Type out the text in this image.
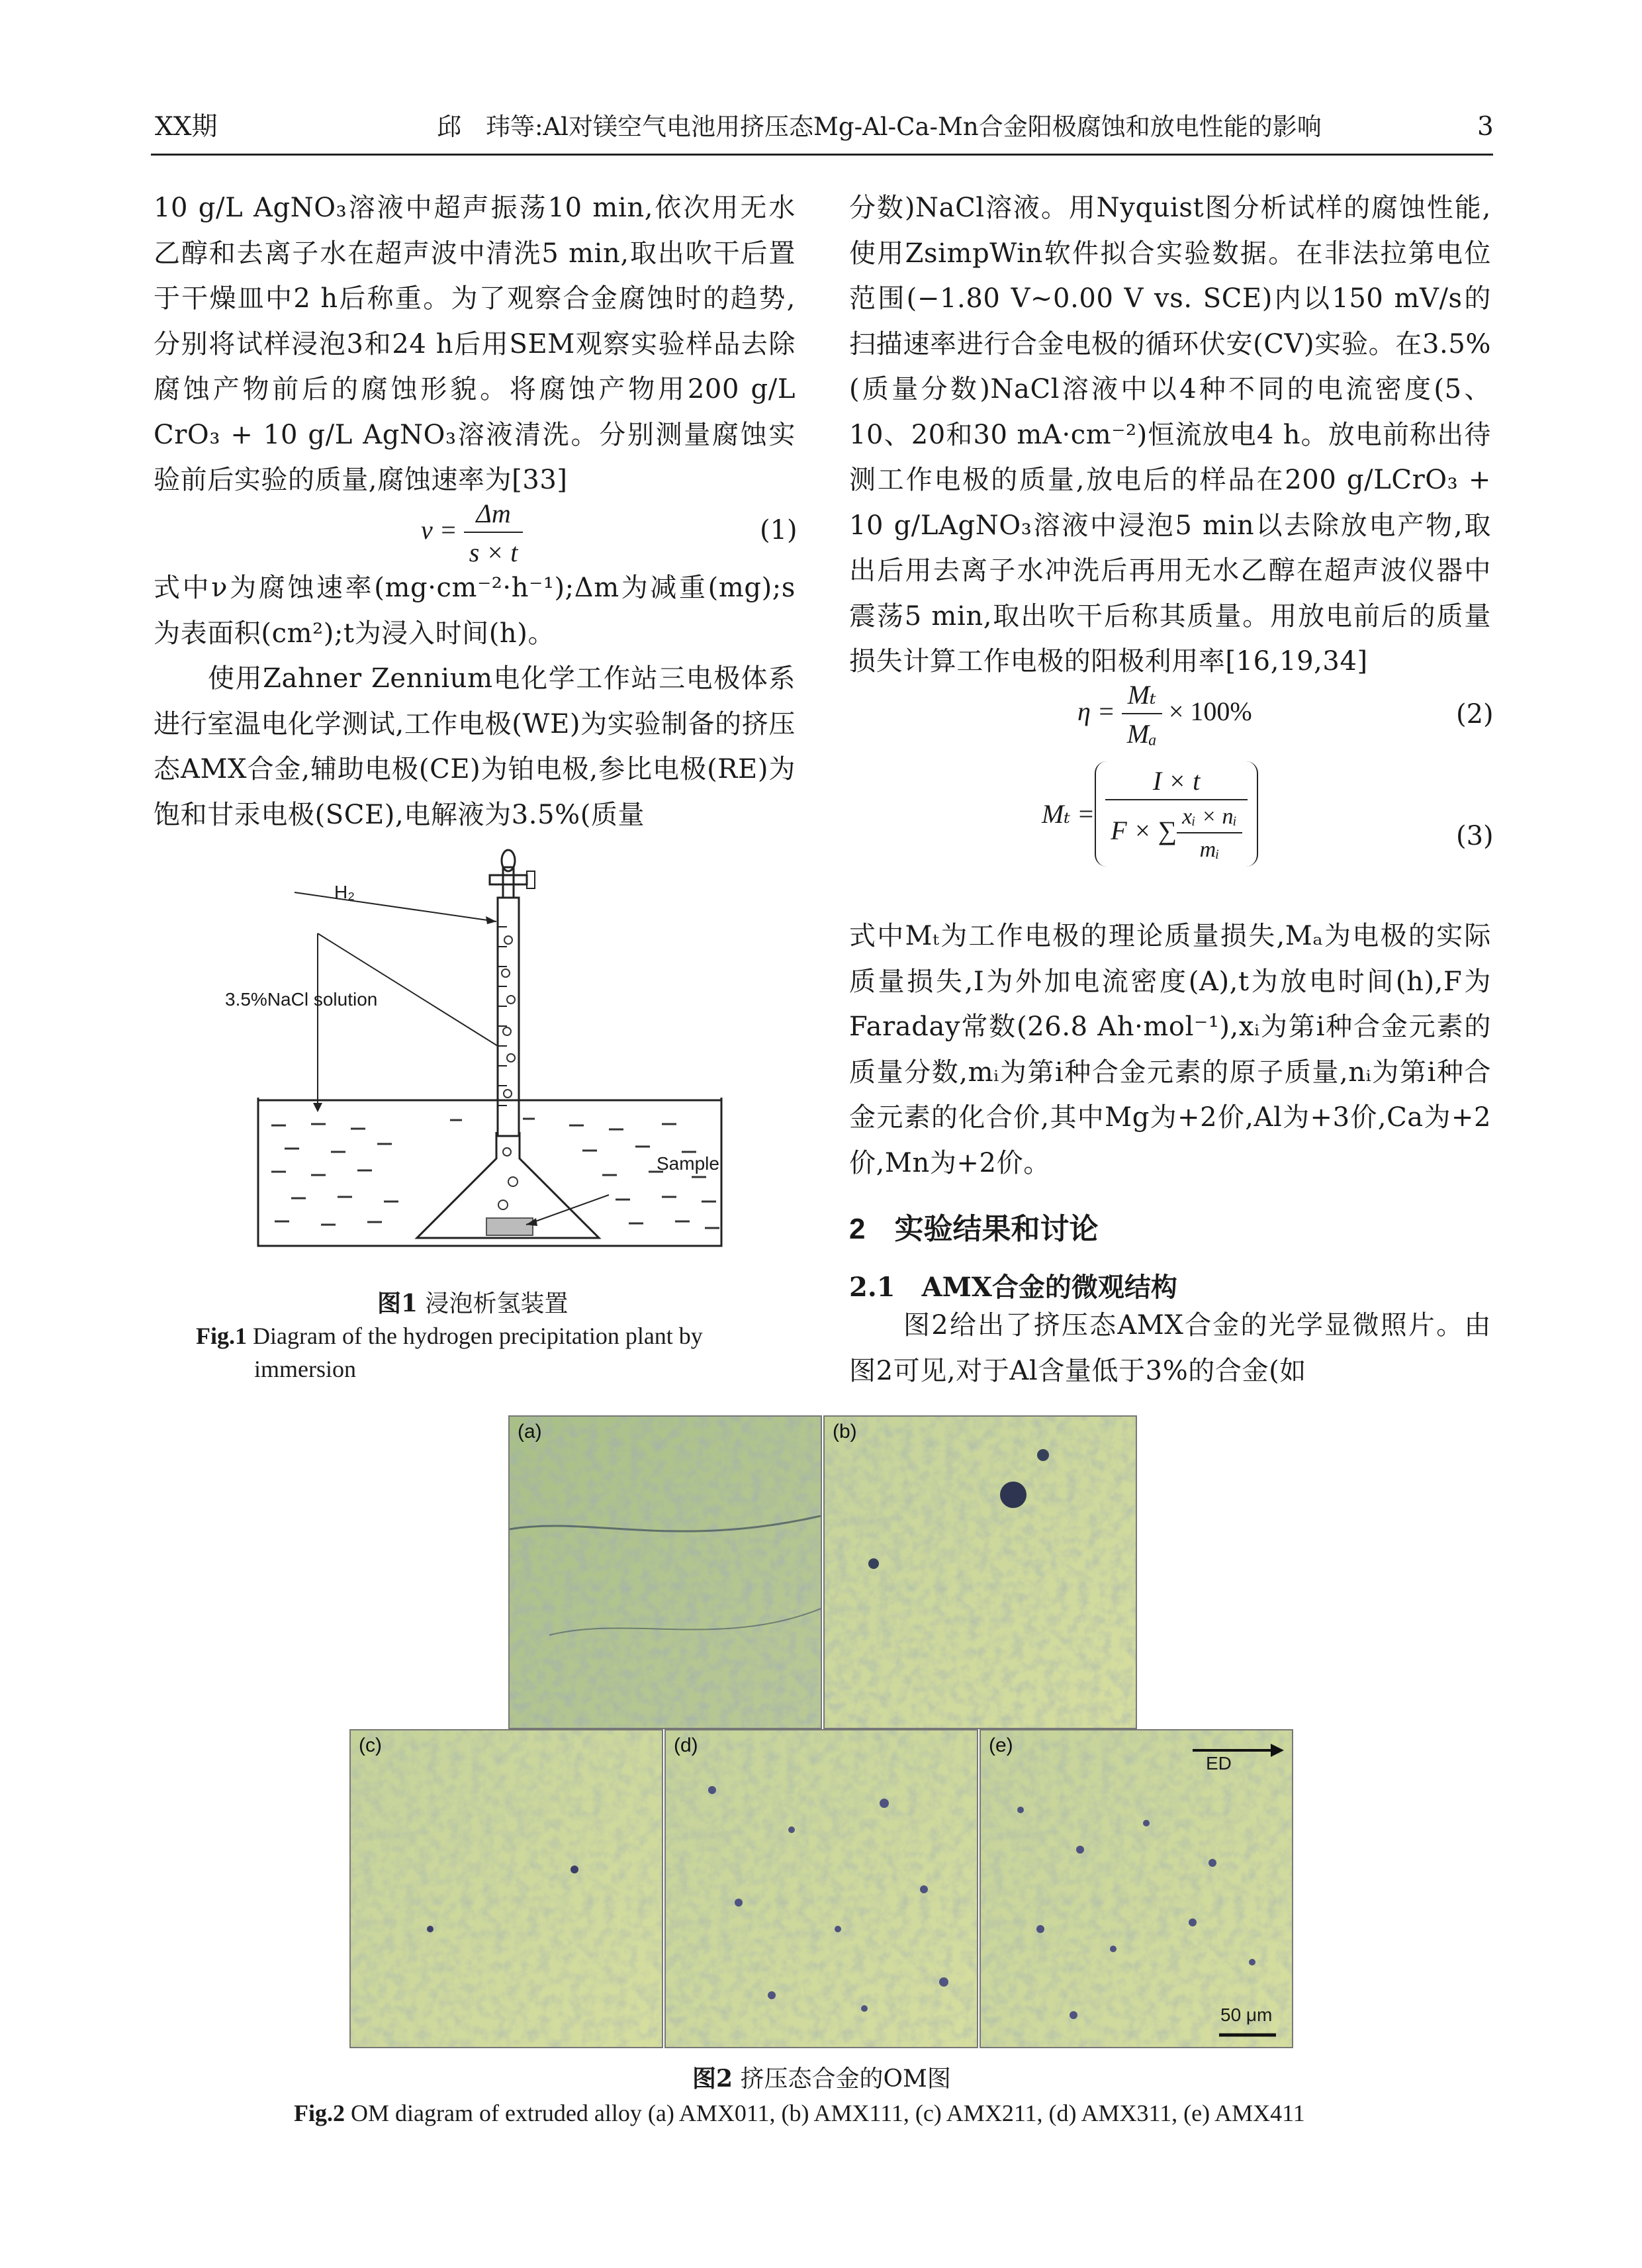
XX期	邱　玮等:Al对镁空气电池用挤压态Mg-Al-Ca-Mn合金阳极腐蚀和放电性能的影响	3

10 g/L AgNO₃溶液中超声振荡10 min,依次用无水乙醇和去离子水在超声波中清洗5 min,取出吹干后置于干燥皿中2 h后称重。为了观察合金腐蚀时的趋势,分别将试样浸泡3和24 h后用SEM观察实验样品去除腐蚀产物前后的腐蚀形貌。将腐蚀产物用200 g/L CrO₃ + 10 g/L AgNO₃溶液清洗。分别测量腐蚀实验前后实验的质量,腐蚀速率为[33]

$\nu = \frac{\Delta m}{s \times t}$	(1)

式中ν为腐蚀速率(mg·cm⁻²·h⁻¹);Δm为减重(mg);s为表面积(cm²);t为浸入时间(h)。

使用Zahner Zennium电化学工作站三电极体系进行室温电化学测试,工作电极(WE)为实验制备的挤压态AMX合金,辅助电极(CE)为铂电极,参比电极(RE)为饱和甘汞电极(SCE),电解液为3.5%(质量

H₂
3.5%NaCl solution
Sample
图1 浸泡析氢装置
Fig.1 Diagram of the hydrogen precipitation plant by
immersion

分数)NaCl溶液。用Nyquist图分析试样的腐蚀性能,使用ZsimpWin软件拟合实验数据。在非法拉第电位范围(−1.80 V~0.00 V vs. SCE)内以150 mV/s的扫描速率进行合金电极的循环伏安(CV)实验。在3.5%(质量分数)NaCl溶液中以4种不同的电流密度(5、10、20和30 mA·cm⁻²)恒流放电4 h。放电前称出待测工作电极的质量,放电后的样品在200 g/LCrO₃ + 10 g/LAgNO₃溶液中浸泡5 min以去除放电产物,取出后用去离子水冲洗后再用无水乙醇在超声波仪器中震荡5 min,取出吹干后称其质量。用放电前后的质量损失计算工作电极的阳极利用率[16,19,34]

$\eta = \frac{\text{Mₜ}}{\text{Mₐ}} \times 100\%$	(2)
$M_t = \frac{I \times t}{F \times \sum \frac{\text{xᵢ × nᵢ}}{\text{mᵢ}}}$	(3)

式中Mₜ为工作电极的理论质量损失,Mₐ为电极的实际质量损失,I为外加电流密度(A),t为放电时间(h),F为Faraday常数(26.8 Ah·mol⁻¹),xᵢ为第i种合金元素的质量分数,mᵢ为第i种合金元素的原子质量,nᵢ为第i种合金元素的化合价,其中Mg为+2价,Al为+3价,Ca为+2价,Mn为+2价。

2　实验结果和讨论
2.1　AMX合金的微观结构

图2给出了挤压态AMX合金的光学显微照片。由图2可见,对于Al含量低于3%的合金(如

(a)	(b)
(c)	(d)	(e)
ED
50 μm
图2 挤压态合金的OM图
Fig.2 OM diagram of extruded alloy (a) AMX011, (b) AMX111, (c) AMX211, (d) AMX311, (e) AMX411
